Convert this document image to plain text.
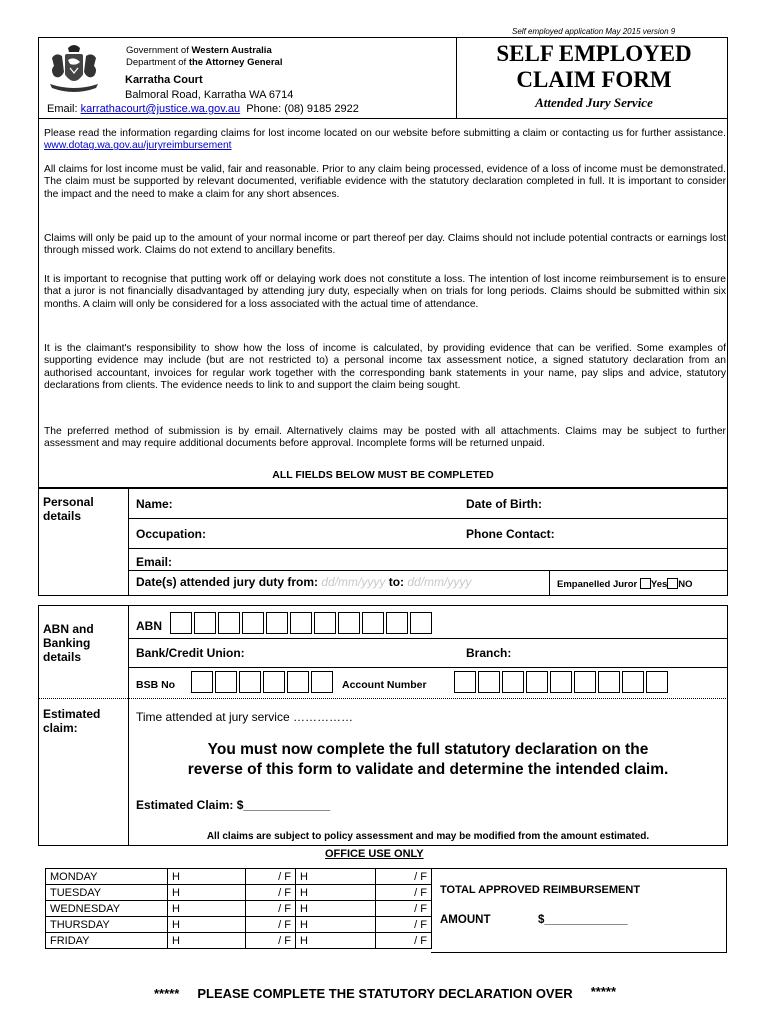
Self employed application May 2015 version 9
Government of Western Australia
Department of the Attorney General
Karratha Court
Balmoral Road, Karratha WA 6714
Email: karrathacourt@justice.wa.gov.au Phone: (08) 9185 2922
SELF EMPLOYED
CLAIM FORM
Attended Jury Service
Please read the information regarding claims for lost income located on our website before submitting a claim or contacting us for further assistance. www.dotag.wa.gov.au/juryreimbursement
All claims for lost income must be valid, fair and reasonable. Prior to any claim being processed, evidence of a loss of income must be demonstrated. The claim must be supported by relevant documented, verifiable evidence with the statutory declaration completed in full. It is important to consider the impact and the need to make a claim for any short absences.
Claims will only be paid up to the amount of your normal income or part thereof per day. Claims should not include potential contracts or earnings lost through missed work. Claims do not extend to ancillary benefits.
It is important to recognise that putting work off or delaying work does not constitute a loss. The intention of lost income reimbursement is to ensure that a juror is not financially disadvantaged by attending jury duty, especially when on trials for long periods. Claims should be submitted within six months. A claim will only be considered for a loss associated with the actual time of attendance.
It is the claimant's responsibility to show how the loss of income is calculated, by providing evidence that can be verified. Some examples of supporting evidence may include (but are not restricted to) a personal income tax assessment notice, a signed statutory declaration from an authorised accountant, invoices for regular work together with the corresponding bank statements in your name, pay slips and advice, statutory declarations from clients. The evidence needs to link to and support the claim being sought.
The preferred method of submission is by email. Alternatively claims may be posted with all attachments. Claims may be subject to further assessment and may require additional documents before approval. Incomplete forms will be returned unpaid.
ALL FIELDS BELOW MUST BE COMPLETED
Personal
details
Name:	Date of Birth:
Occupation:	Phone Contact:
Email:
Date(s) attended jury duty from: dd/mm/yyyy to: dd/mm/yyyy	Empanelled Juror Yes NO
ABN and
Banking
details
ABN
Bank/Credit Union:	Branch:
BSB No	Account Number
Estimated
claim:
Time attended at jury service ……………
You must now complete the full statutory declaration on the
reverse of this form to validate and determine the intended claim.
Estimated Claim: $_____________
All claims are subject to policy assessment and may be modified from the amount estimated.
OFFICE USE ONLY
MONDAY	H	/ F	H	/ F
TUESDAY	H	/ F	H	/ F
WEDNESDAY	H	/ F	H	/ F
THURSDAY	H	/ F	H	/ F
FRIDAY	H	/ F	H	/ F
TOTAL APPROVED REIMBURSEMENT
AMOUNT	$_____________
***** PLEASE COMPLETE THE STATUTORY DECLARATION OVER *****
